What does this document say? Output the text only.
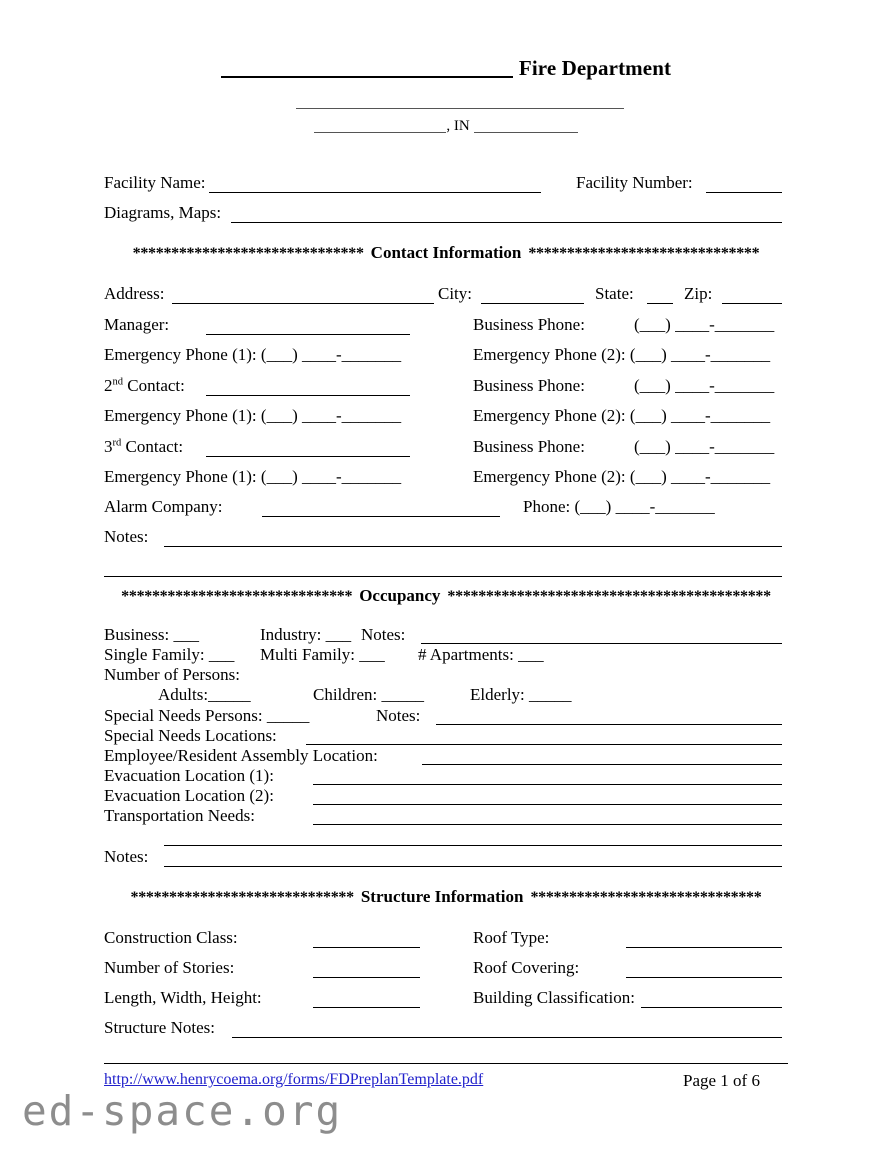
Fire Department
, IN
Facility Name:	Facility Number:
Diagrams, Maps:
****************************** Contact Information ******************************
Address:	City:	State:	Zip:
Manager:	Business Phone:	(___) ____-_______
Emergency Phone (1): (___) ____-_______	Emergency Phone (2): (___) ____-_______
2nd Contact:	Business Phone:	(___) ____-_______
Emergency Phone (1): (___) ____-_______	Emergency Phone (2): (___) ____-_______
3rd Contact:	Business Phone:	(___) ____-_______
Emergency Phone (1): (___) ____-_______	Emergency Phone (2): (___) ____-_______
Alarm Company:	Phone: (___) ____-_______
Notes:
****************************** Occupancy ******************************************
Business: ___	Industry: ___ Notes:
Single Family: ___ Multi Family: ___ # Apartments: ___
Number of Persons:
Adults:_____	Children: _____	Elderly: _____
Special Needs Persons: _____	Notes:
Special Needs Locations:
Employee/Resident Assembly Location:
Evacuation Location (1):
Evacuation Location (2):
Transportation Needs:
Notes:
***************************** Structure Information ******************************
Construction Class:	Roof Type:
Number of Stories:	Roof Covering:
Length, Width, Height:	Building Classification:
Structure Notes:
http://www.henrycoema.org/forms/FDPreplanTemplate.pdf	Page 1 of 6
ed-space.org
